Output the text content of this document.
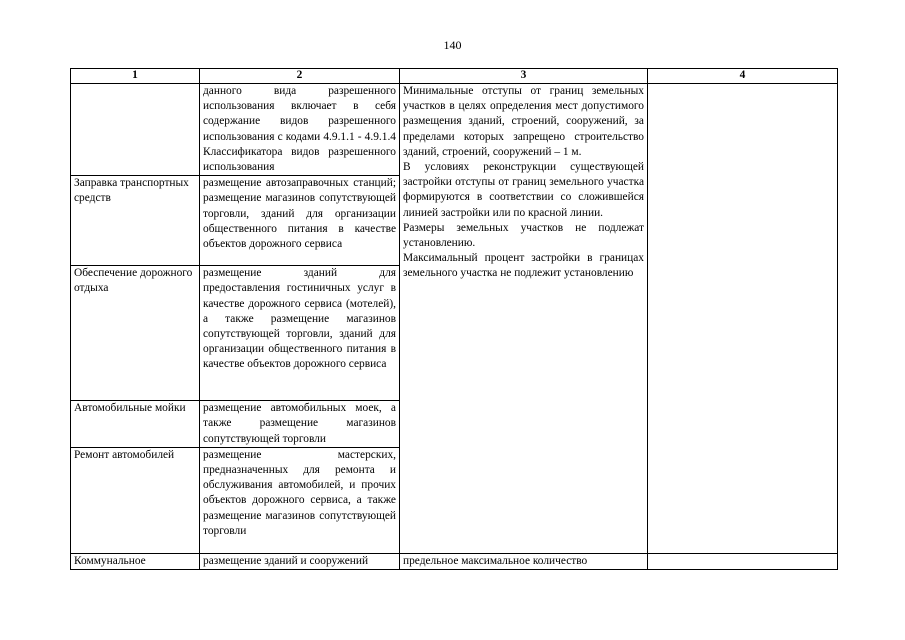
140
1	2	3	4
	данного вида разрешенного использования включает в себя содержание видов разрешенного использования с кодами 4.9.1.1 - 4.9.1.4 Классификатора видов разрешенного использования	Минимальные отступы от границ земельных участков в целях определения мест допустимого размещения зданий, строений, сооружений, за пределами которых запрещено строительство зданий, строений, сооружений – 1 м.

В условиях реконструкции существующей застройки отступы от границ земельного участка формируются в соответствии со сложившейся линией застройки или по красной линии.

Размеры земельных участков не подлежат установлению.

Максимальный процент застройки в границах земельного участка не подлежит установлению	

Заправка транспортных средств	размещение автозаправочных станций; размещение магазинов сопутствующей торговли, зданий для организации общественного питания в качестве объектов дорожного сервиса		
Обеспечение дорожного отдыха	размещение зданий для предоставления гостиничных услуг в качестве дорожного сервиса (мотелей), а также размещение магазинов сопутствующей торговли, зданий для организации общественного питания в качестве объектов дорожного сервиса		
Автомобильные мойки	размещение автомобильных моек, а также размещение магазинов сопутствующей торговли		
Ремонт автомобилей	размещение мастерских, предназначенных для ремонта и обслуживания автомобилей, и прочих объектов дорожного сервиса, а также размещение магазинов сопутствующей торговли		
Коммунальное	размещение зданий и сооружений	предельное максимальное количество	
